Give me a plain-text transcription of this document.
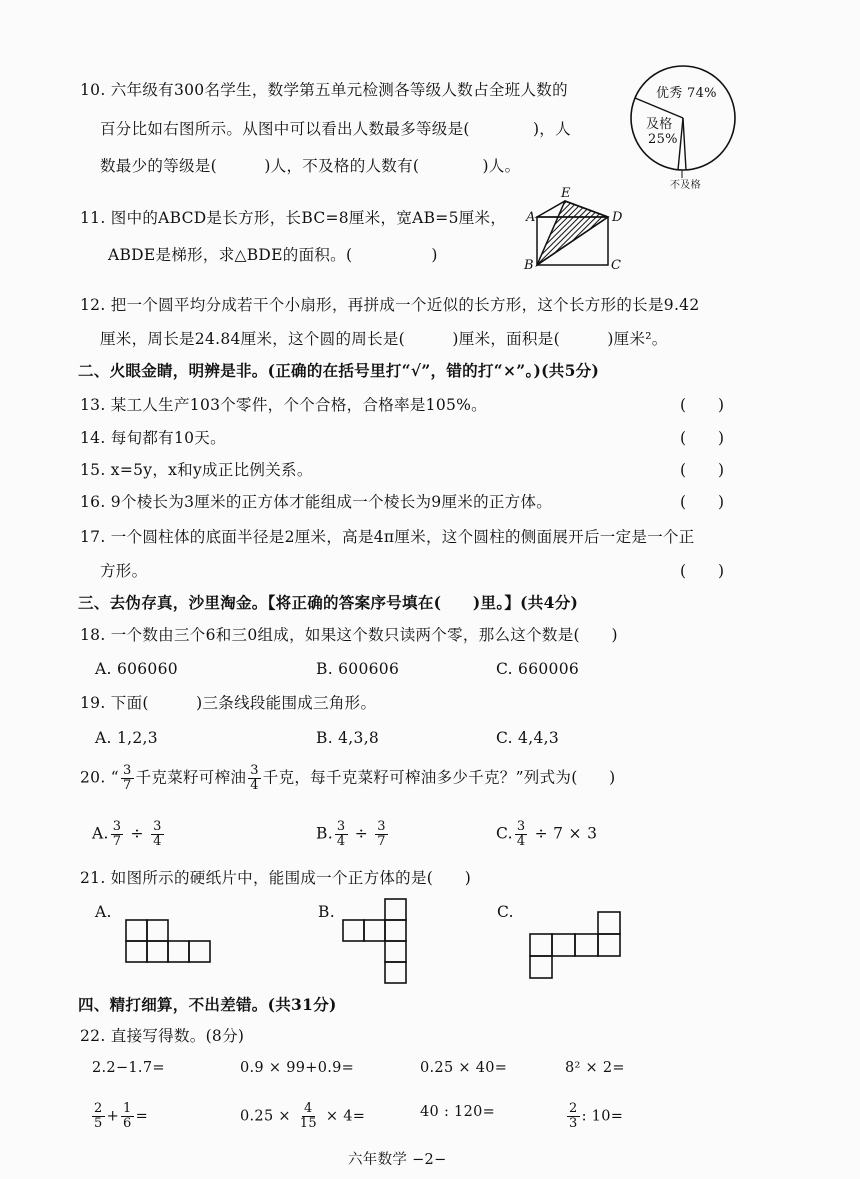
10. 六年级有300名学生，数学第五单元检测各等级人数占全班人数的
百分比如右图所示。从图中可以看出人数最多等级是(　　　　)，人
数最少的等级是(　　　)人，不及格的人数有(　　　　)人。
优秀 74%
及格
25%
不及格
11. 图中的ABCD是长方形，长BC=8厘米，宽AB=5厘米，
ABDE是梯形，求△BDE的面积。(　　　　　)
A
B	C
D
E
12. 把一个圆平均分成若干个小扇形，再拼成一个近似的长方形，这个长方形的长是9.42
厘米，周长是24.84厘米，这个圆的周长是(　　　)厘米，面积是(　　　)厘米²。
二、火眼金睛，明辨是非。(正确的在括号里打“√”，错的打“×”。)(共5分)
13. 某工人生产103个零件，个个合格，合格率是105%。	(　　)
14. 每旬都有10天。	(　　)
15. x=5y，x和y成正比例关系。	(　　)
16. 9个棱长为3厘米的正方体才能组成一个棱长为9厘米的正方体。	(　　)
17. 一个圆柱体的底面半径是2厘米，高是4π厘米，这个圆柱的侧面展开后一定是一个正
方形。	(　　)
三、去伪存真，沙里淘金。【将正确的答案序号填在(　　)里。】(共4分)
18. 一个数由三个6和三0组成，如果这个数只读两个零，那么这个数是(　　)
A. 606060	B. 600606	C. 660006
19. 下面(　　　)三条线段能围成三角形。
A. 1,2,3	B. 4,3,8	C. 4,4,3
20. “ $\frac{3}{7}$ 千克菜籽可榨油 $\frac{3}{4}$ 千克，每千克菜籽可榨油多少千克？”列式为(　　)
A. $\frac{3}{7} \div \frac{3}{4}$	B. $\frac{3}{4} \div \frac{3}{7}$	C. $\frac{3}{4} \div 7 \times 3$
21. 如图所示的硬纸片中，能围成一个正方体的是(　　)
A.	B.	C.
四、精打细算，不出差错。(共31分)
22. 直接写得数。(8分)
2.2−1.7=	0.9 × 99+0.9=	0.25 × 40=	8² × 2=
$\frac{2}{5} + \frac{1}{6}$ =	$0.25 \times \frac{4}{15} \times 4=$	40 : 120=	$\frac{2}{3}$ : 10=
六年数学 −2−
